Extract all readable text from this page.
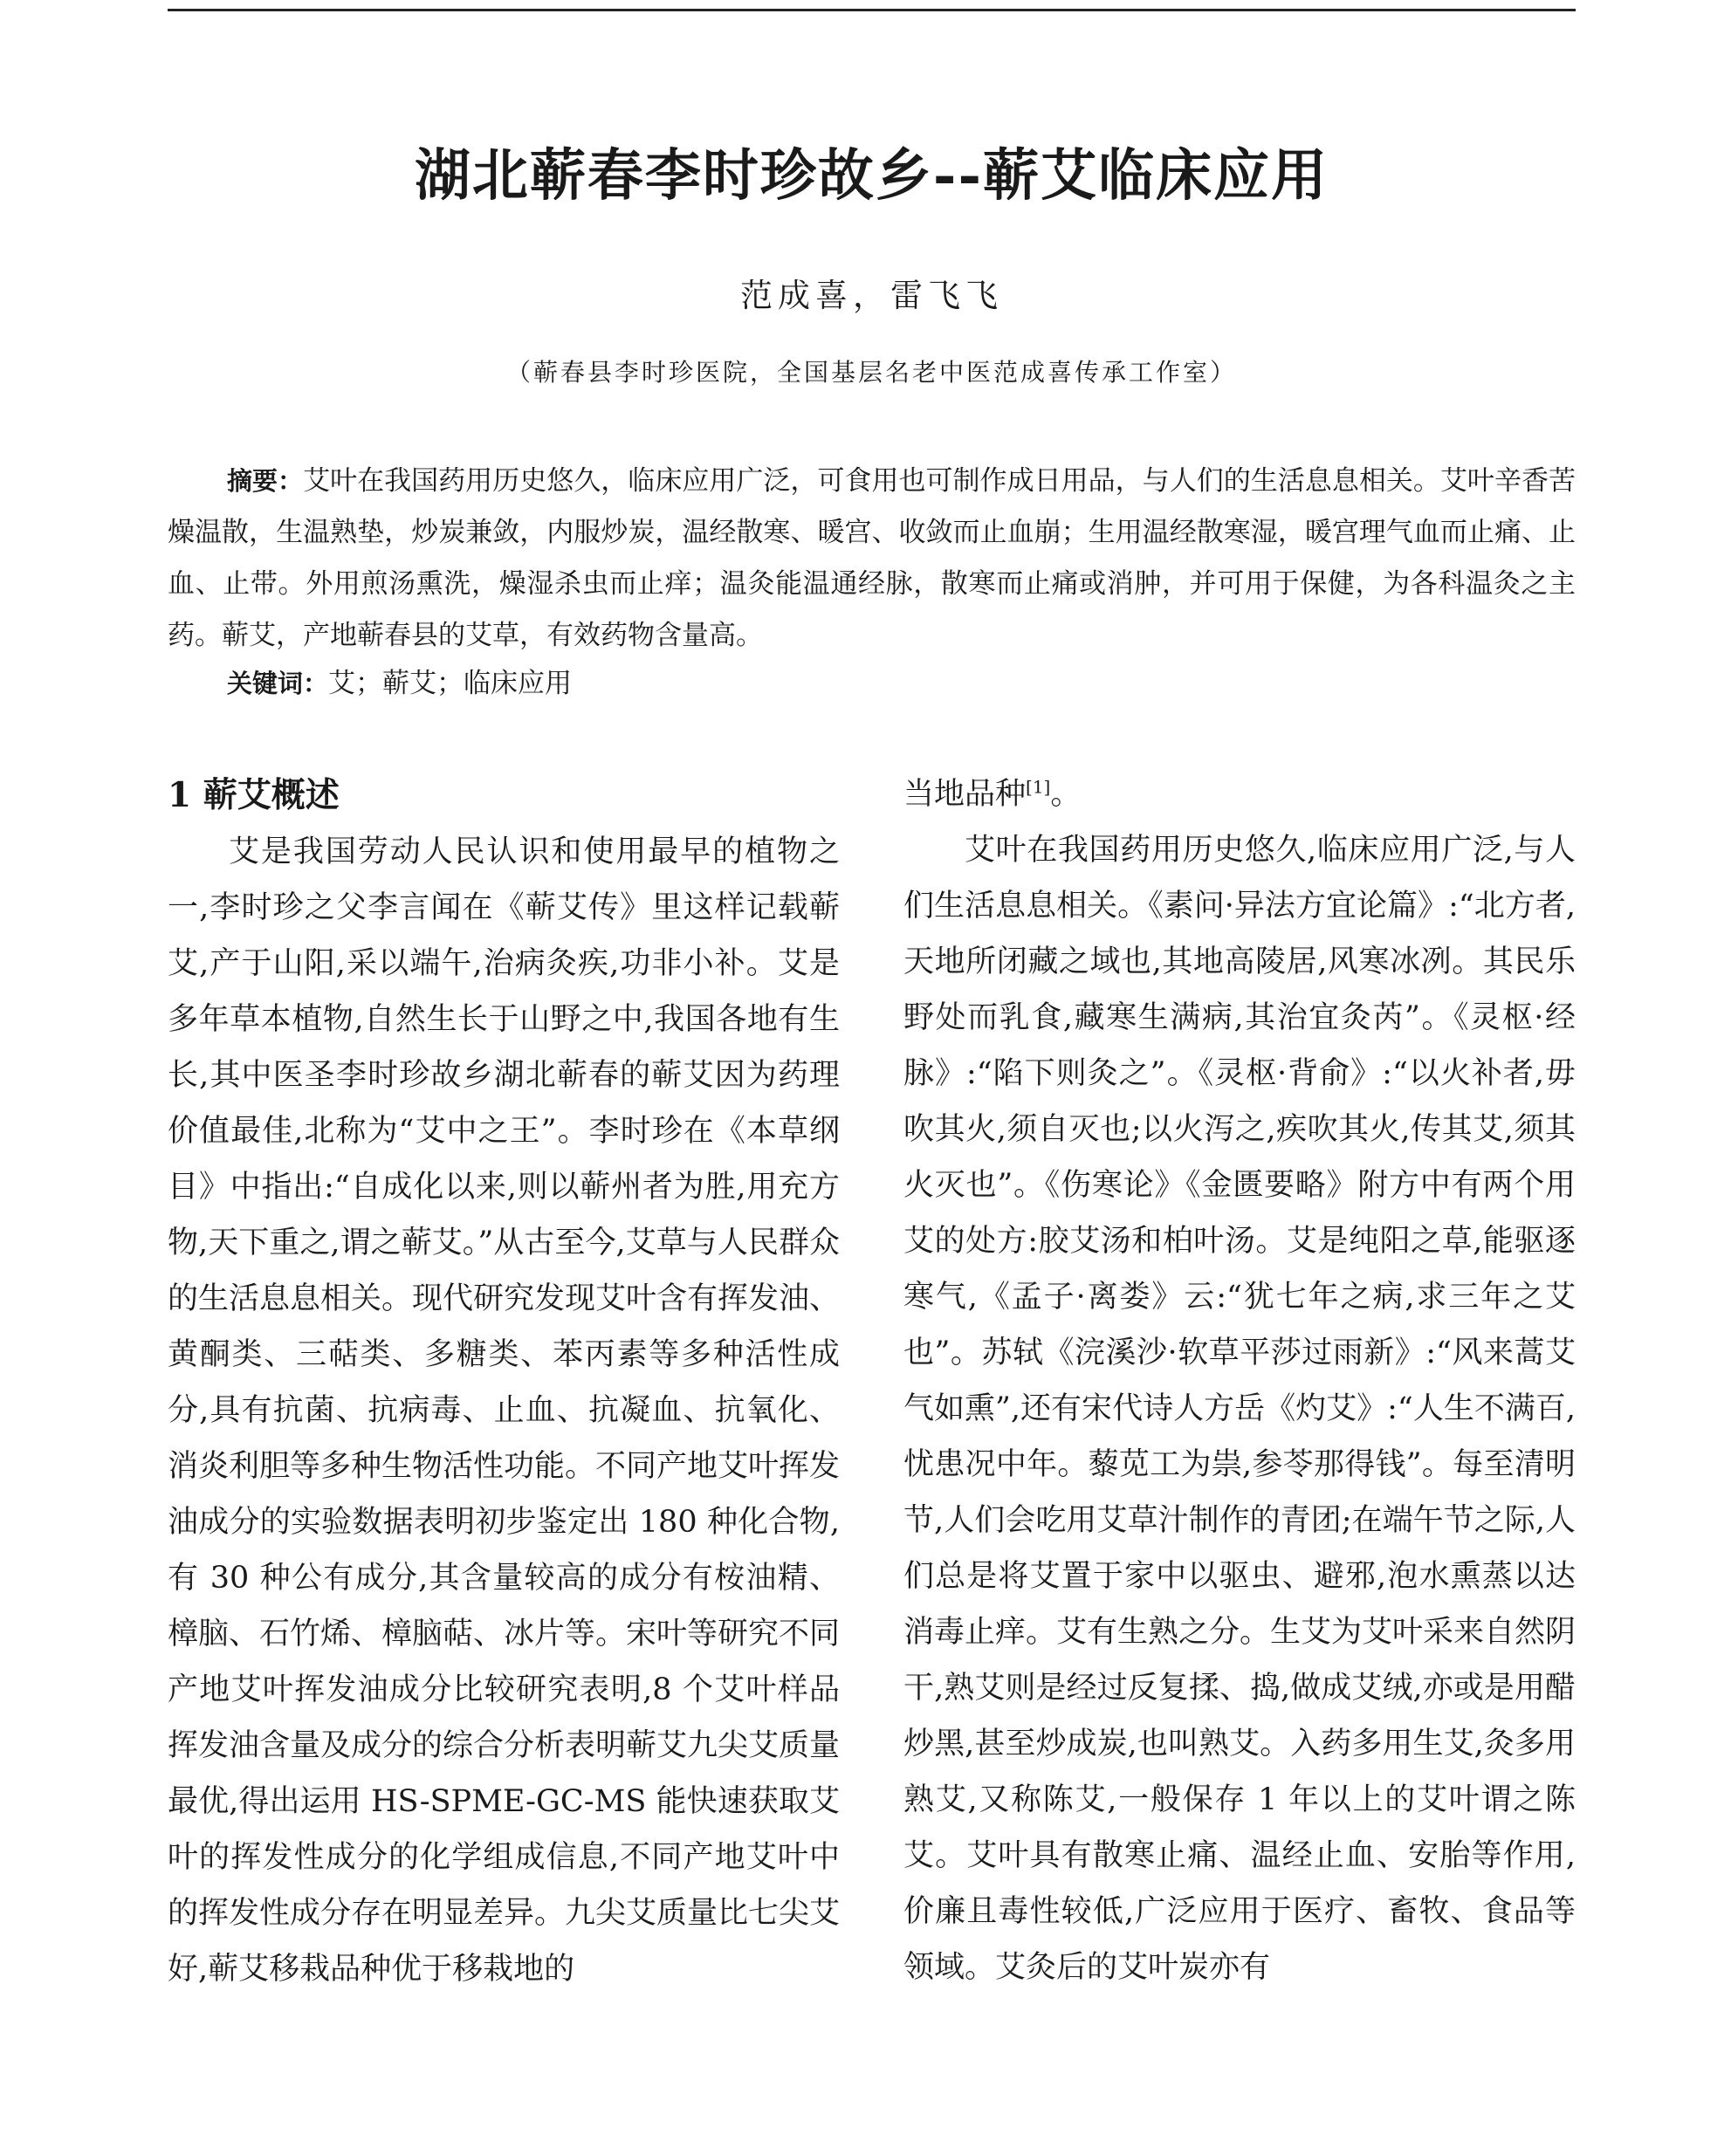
湖北蕲春李时珍故乡--蕲艾临床应用
范成喜，雷飞飞
（蕲春县李时珍医院，全国基层名老中医范成喜传承工作室）
摘要：艾叶在我国药用历史悠久，临床应用广泛，可食用也可制作成日用品，与人们的生活息息相关。艾叶辛香苦燥温散，生温熟垫，炒炭兼敛，内服炒炭，温经散寒、暖宫、收敛而止血崩；生用温经散寒湿，暖宫理气血而止痛、止血、止带。外用煎汤熏洗，燥湿杀虫而止痒；温灸能温通经脉，散寒而止痛或消肿，并可用于保健，为各科温灸之主药。蕲艾，产地蕲春县的艾草，有效药物含量高。
关键词：艾；蕲艾；临床应用
1 蕲艾概述

艾是我国劳动人民认识和使用最早的植物之一,李时珍之父李言闻在《蕲艾传》里这样记载蕲艾,产于山阳,采以端午,治病灸疾,功非小补。艾是多年草本植物,自然生长于山野之中,我国各地有生长,其中医圣李时珍故乡湖北蕲春的蕲艾因为药理价值最佳,北称为“艾中之王”。李时珍在《本草纲目》中指出:“自成化以来,则以蕲州者为胜,用充方物,天下重之,谓之蕲艾。”从古至今,艾草与人民群众的生活息息相关。现代研究发现艾叶含有挥发油、黄酮类、三萜类、多糖类、苯丙素等多种活性成分,具有抗菌、抗病毒、止血、抗凝血、抗氧化、消炎利胆等多种生物活性功能。不同产地艾叶挥发油成分的实验数据表明初步鉴定出 180 种化合物,有 30 种公有成分,其含量较高的成分有桉油精、樟脑、石竹烯、樟脑萜、冰片等。宋叶等研究不同产地艾叶挥发油成分比较研究表明,8 个艾叶样品挥发油含量及成分的综合分析表明蕲艾九尖艾质量最优,得出运用 HS-SPME-GC-MS 能快速获取艾叶的挥发性成分的化学组成信息,不同产地艾叶中的挥发性成分存在明显差异。九尖艾质量比七尖艾好,蕲艾移栽品种优于移栽地的

当地品种[1]。

艾叶在我国药用历史悠久,临床应用广泛,与人们生活息息相关。《素问·异法方宜论篇》:“北方者,天地所闭藏之域也,其地高陵居,风寒冰冽。其民乐野处而乳食,藏寒生满病,其治宜灸芮”。《灵枢·经脉》:“陷下则灸之”。《灵枢·背俞》:“以火补者,毋吹其火,须自灭也;以火泻之,疾吹其火,传其艾,须其火灭也”。《伤寒论》《金匮要略》附方中有两个用艾的处方:胶艾汤和柏叶汤。艾是纯阳之草,能驱逐寒气,《孟子·离娄》云:“犹七年之病,求三年之艾也”。苏轼《浣溪沙·软草平莎过雨新》:“风来蒿艾气如熏”,还有宋代诗人方岳《灼艾》:“人生不满百,忧患况中年。藜苋工为祟,参苓那得钱”。每至清明节,人们会吃用艾草汁制作的青团;在端午节之际,人们总是将艾置于家中以驱虫、避邪,泡水熏蒸以达消毒止痒。艾有生熟之分。生艾为艾叶采来自然阴干,熟艾则是经过反复揉、捣,做成艾绒,亦或是用醋炒黑,甚至炒成炭,也叫熟艾。入药多用生艾,灸多用熟艾,又称陈艾,一般保存 1 年以上的艾叶谓之陈艾。艾叶具有散寒止痛、温经止血、安胎等作用,价廉且毒性较低,广泛应用于医疗、畜牧、食品等领域。艾灸后的艾叶炭亦有
